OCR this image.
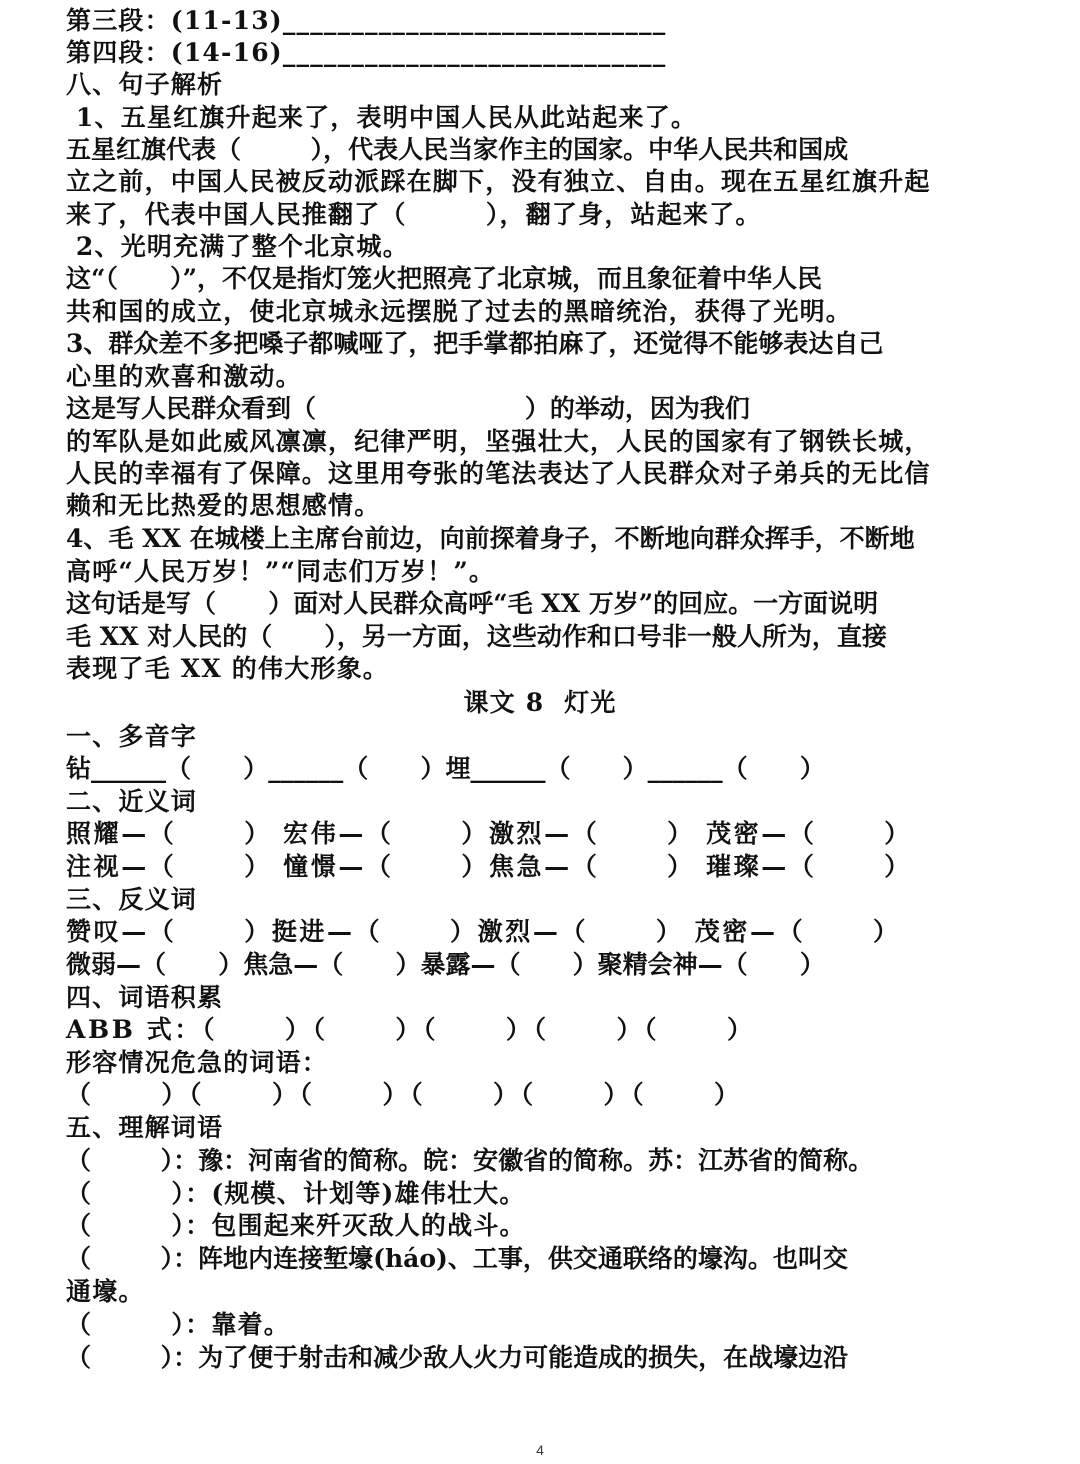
第三段：(11-13)____________________________
第四段：(14-16)____________________________
八、句子解析
1、五星红旗升起来了，表明中国人民从此站起来了。
五星红旗代表（        ），代表人民当家作主的国家。中华人民共和国成
立之前，中国人民被反动派踩在脚下，没有独立、自由。现在五星红旗升起
来了，代表中国人民推翻了（        ），翻了身，站起来了。
2、光明充满了整个北京城。
这“（      ）”，不仅是指灯笼火把照亮了北京城，而且象征着中华人民
共和国的成立，使北京城永远摆脱了过去的黑暗统治，获得了光明。
3、群众差不多把嗓子都喊哑了，把手掌都拍麻了，还觉得不能够表达自己
心里的欢喜和激动。
这是写人民群众看到（                        ）的举动，因为我们
的军队是如此威风凛凛，纪律严明，坚强壮大，人民的国家有了钢铁长城，
人民的幸福有了保障。这里用夸张的笔法表达了人民群众对子弟兵的无比信
赖和无比热爱的思想感情。
4、毛 XX 在城楼上主席台前边，向前探着身子，不断地向群众挥手，不断地
高呼“人民万岁！”“同志们万岁！”。
这句话是写（      ）面对人民群众高呼“毛 XX 万岁”的回应。一方面说明
毛 XX 对人民的（      ），另一方面，这些动作和口号非一般人所为，直接
表现了毛 XX 的伟大形象。
课文 8  灯光
一、多音字
钻______（      ）______（      ）埋______（      ）______（      ）
二、近义词
照耀—（      ） 宏伟—（      ）激烈—（      ） 茂密—（      ）
注视—（      ） 憧憬—（      ）焦急—（      ） 璀璨—（      ）
三、反义词
赞叹—（      ）挺进—（      ）激烈—（      ） 茂密—（      ）
微弱—（      ）焦急—（      ）暴露—（      ）聚精会神—（      ）
四、词语积累
ABB 式：（      ）（      ）（      ）（      ）（      ）
形容情况危急的词语：
（      ）（      ）（      ）（      ）（      ）（      ）
五、理解词语
（        ）：豫：河南省的简称。皖：安徽省的简称。苏：江苏省的简称。
（        ）：(规模、计划等)雄伟壮大。
（        ）：包围起来歼灭敌人的战斗。
（        ）：阵地内连接堑壕(háo)、工事，供交通联络的壕沟。也叫交
通壕。
（        ）：靠着。
（        ）：为了便于射击和减少敌人火力可能造成的损失，在战壕边沿
4
